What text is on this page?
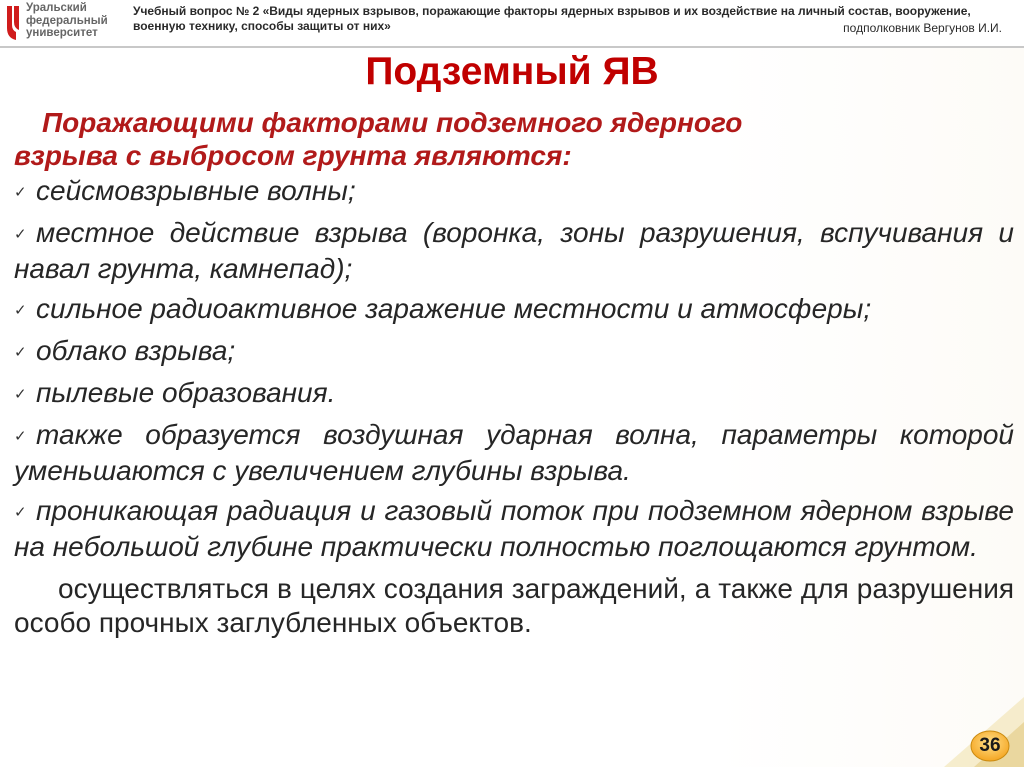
Уральский
федеральный
университет
Учебный вопрос № 2 «Виды ядерных взрывов, поражающие факторы ядерных взрывов и их воздействие на личный состав, вооружение, военную технику, способы защиты от них»	подполковник Вергунов И.И.
Подземный ЯВ
Поражающими факторами подземного ядерного
взрыва с выбросом грунта являются:
✓ сейсмовзрывные волны;
✓ местное действие взрыва (воронка, зоны разрушения, вспучивания и навал грунта, камнепад);
✓ сильное радиоактивное заражение местности и атмосферы;
✓ облако взрыва;
✓ пылевые образования.
✓ также образуется воздушная ударная волна, параметры которой уменьшаются с увеличением глубины взрыва.
✓ проникающая радиация и газовый поток при подземном ядерном взрыве на небольшой глубине практически полностью поглощаются грунтом.
осуществляться в целях создания заграждений, а также для разрушения особо прочных заглубленных объектов.
36
